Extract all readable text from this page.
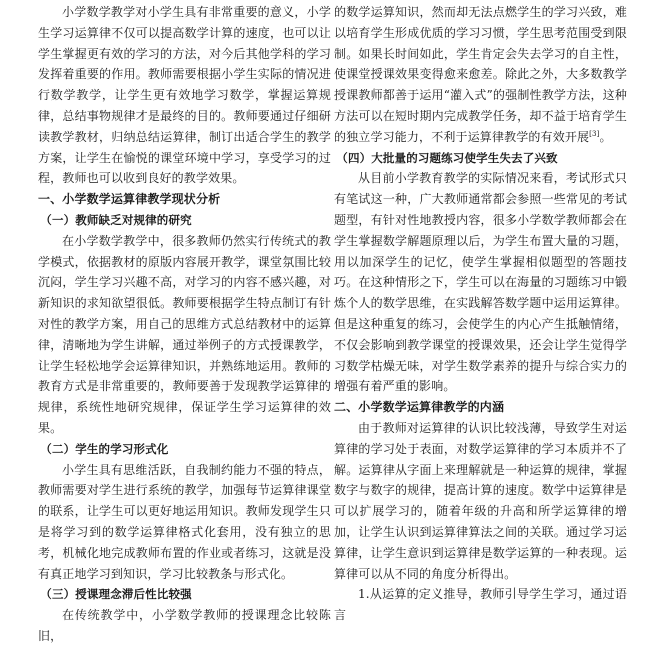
小学数学教学对小学生具有非常重要的意义，小学生学习运算律不仅可以提高数学计算的速度，也可以让学生掌握更有效的学习的方法，对今后其他学科的学习发挥着重要的作用。教师需要根据小学生实际的情况进行数学教学，让学生更有效地学习数学，掌握运算规律，总结事物规律才是最终的目的。教师要通过仔细研读教学教材，归纳总结运算律，制订出适合学生的教学方案，让学生在愉悦的课堂环境中学习，享受学习的过程，教师也可以收到良好的教学效果。

一、小学数学运算律教学现状分析

（一）教师缺乏对规律的研究

在小学数学教学中，很多教师仍然实行传统式的教学模式，依据教材的原版内容展开教学，课堂氛围比较沉闷，学生学习兴趣不高，对学习的内容不感兴趣，对新知识的求知欲望很低。教师要根据学生特点制订有针对性的教学方案，用自己的思维方式总结教材中的运算律，清晰地为学生讲解，通过举例子的方式授课教学，让学生轻松地学会运算律知识，并熟练地运用。教师的教育方式是非常重要的，教师要善于发现教学运算律的规律，系统性地研究规律，保证学生学习运算律的效果。

（二）学生的学习形式化

小学生具有思维活跃，自我制约能力不强的特点，教师需要对学生进行系统的教学，加强每节运算律课堂的联系，让学生可以更好地运用知识。教师发现学生只是将学习到的数学运算律格式化套用，没有独立的思考，机械化地完成教师布置的作业或者练习，这就是没有真正地学习到知识，学习比较教条与形式化。

（三）授课理念滞后性比较强

在传统教学中，小学数学教师的授课理念比较陈旧，

的数学运算知识，然而却无法点燃学生的学习兴致，难以培育学生形成优质的学习习惯，学生思考范围受到限制。如果长时间如此，学生肯定会失去学习的自主性，使课堂授课效果变得愈来愈差。除此之外，大多数教学授课教师都善于运用“灌入式”的强制性教学方法，这种方法可以在短时期内完成教学任务，却不益于培育学生的独立学习能力，不利于运算律教学的有效开展[3]。

（四）大批量的习题练习使学生失去了兴致

从目前小学教育教学的实际情况来看，考试形式只有笔试这一种，广大教师通常都会参照一些常见的考试题型，有针对性地教授内容，很多小学数学教师都会在学生掌握数学解题原理以后，为学生布置大量的习题，用以加深学生的记忆，使学生掌握相似题型的答题技巧。在这种情形之下，学生可以在海量的习题练习中锻炼个人的数学思维，在实践解答数学题中运用运算律。但是这种重复的练习，会使学生的内心产生抵触情绪，不仅会影响到教学课堂的授课效果，还会让学生觉得学习数学枯燥无味，对学生数学素养的提升与综合实力的增强有着严重的影响。

二、小学数学运算律教学的内涵

由于教师对运算律的认识比较浅薄，导致学生对运算律的学习处于表面，对数学运算律的学习本质并不了解。运算律从字面上来理解就是一种运算的规律，掌握数字与数字的规律，提高计算的速度。数学中运算律是可以扩展学习的，随着年级的升高和所学运算律的增加，让学生认识到运算律算法之间的关联。通过学习运算律，让学生意识到运算律是数学运算的一种表现。运算律可以从不同的角度分析得出。

1.从运算的定义推导，教师引导学生学习，通过语言
